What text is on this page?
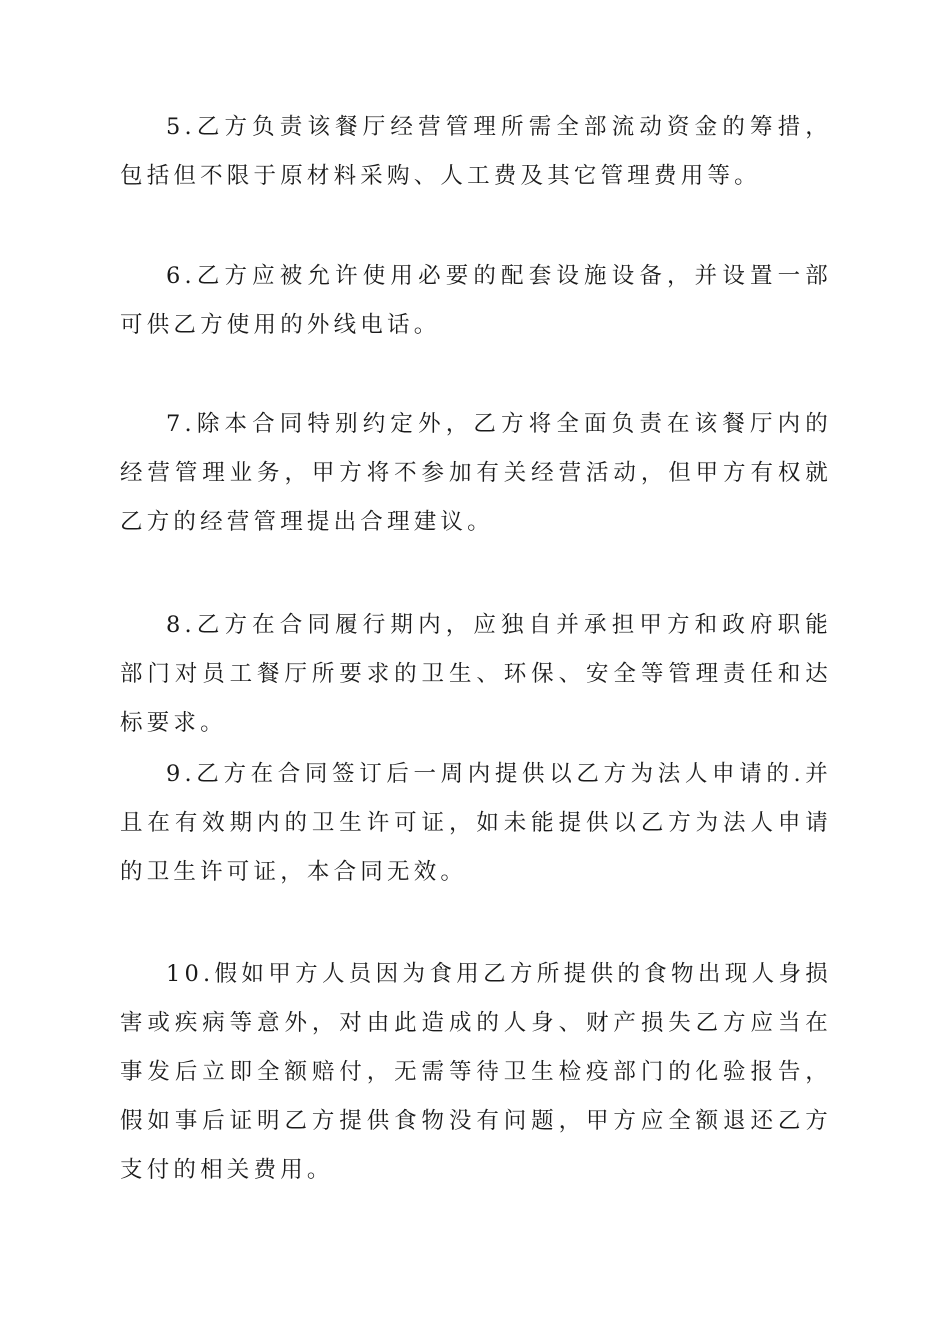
5.乙方负责该餐厅经营管理所需全部流动资金的筹措，包括但不限于原材料采购、人工费及其它管理费用等。

6.乙方应被允许使用必要的配套设施设备，并设置一部可供乙方使用的外线电话。

7.除本合同特别约定外，乙方将全面负责在该餐厅内的经营管理业务，甲方将不参加有关经营活动，但甲方有权就乙方的经营管理提出合理建议。

8.乙方在合同履行期内，应独自并承担甲方和政府职能部门对员工餐厅所要求的卫生、环保、安全等管理责任和达标要求。

9.乙方在合同签订后一周内提供以乙方为法人申请的.并且在有效期内的卫生许可证，如未能提供以乙方为法人申请的卫生许可证，本合同无效。

10.假如甲方人员因为食用乙方所提供的食物出现人身损害或疾病等意外，对由此造成的人身、财产损失乙方应当在事发后立即全额赔付，无需等待卫生检疫部门的化验报告，假如事后证明乙方提供食物没有问题，甲方应全额退还乙方支付的相关费用。
